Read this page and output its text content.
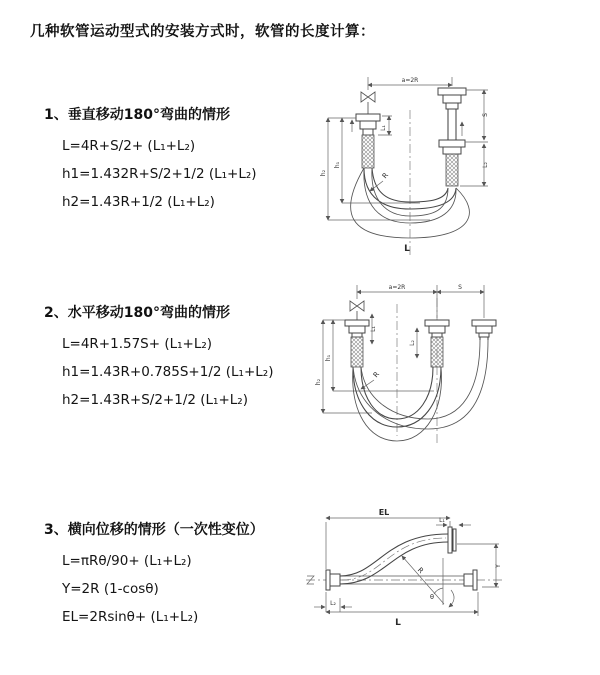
几种软管运动型式的安装方式时，软管的长度计算：
1、垂直移动180°弯曲的情形
L=4R+S/2+ (L₁+L₂)
h1=1.432R+S/2+1/2 (L₁+L₂)
h2=1.43R+1/2 (L₁+L₂)
2、水平移动180°弯曲的情形
L=4R+1.57S+ (L₁+L₂)
h1=1.43R+0.785S+1/2 (L₁+L₂)
h2=1.43R+S/2+1/2 (L₁+L₂)
3、横向位移的情形（一次性变位）
L=πRθ/90+ (L₁+L₂)
Y=2R (1-cosθ)
EL=2Rsinθ+ (L₁+L₂)
a=2R
L₁
S
L₂
h₁
h₂	R
L
a=2R	S
L₁
L₂
h₁
h₂
R
EL
L₁
Y
R
θ
L₂
L
